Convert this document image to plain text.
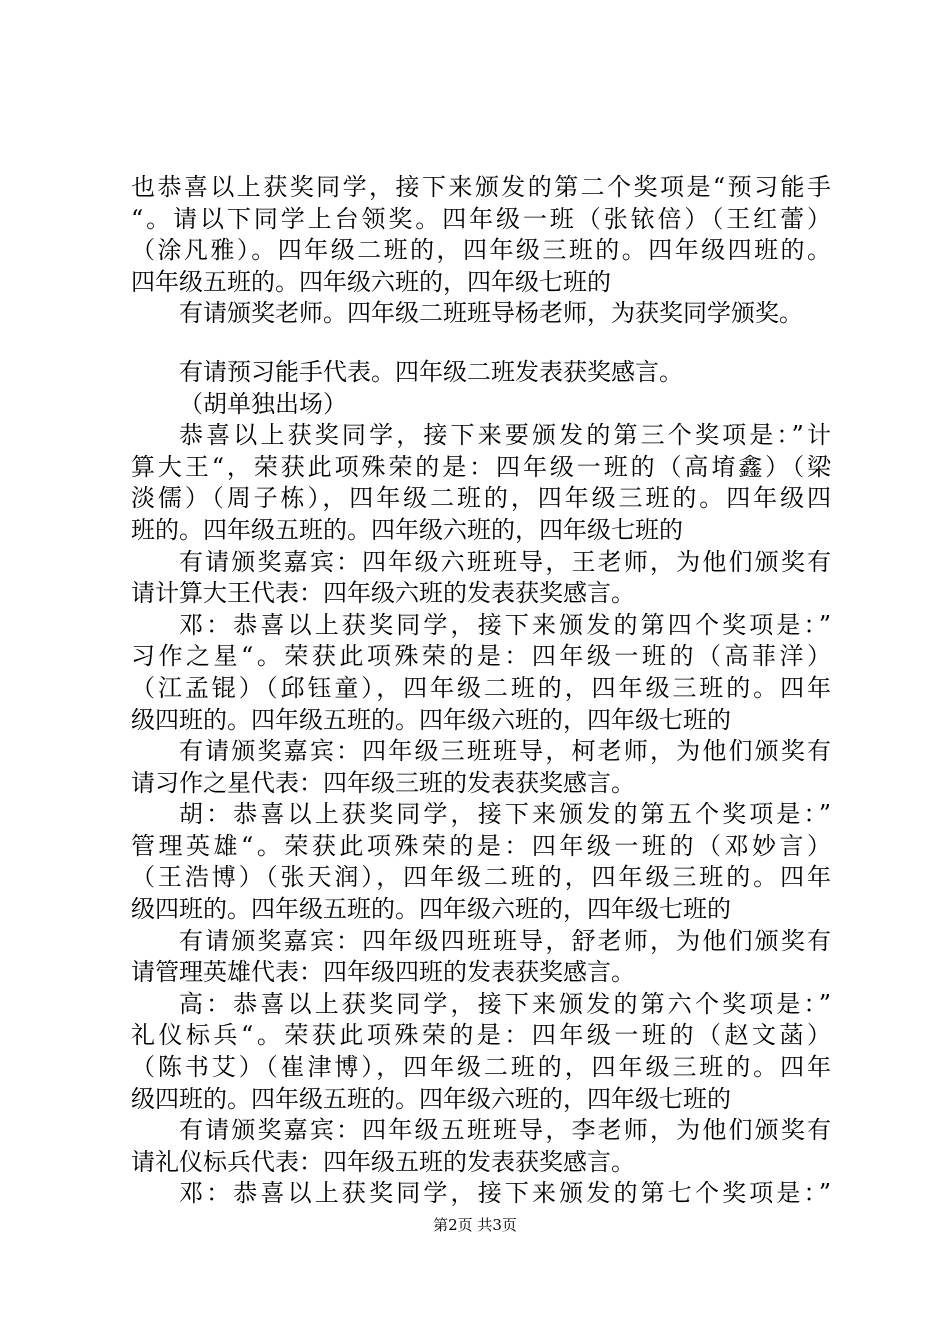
也恭喜以上获奖同学，接下来颁发的第二个奖项是“预习能手
“。请以下同学上台领奖。四年级一班（张铱倍）（王红蕾）
（涂凡雅）。四年级二班的，四年级三班的。四年级四班的。
四年级五班的。四年级六班的，四年级七班的
有请颁奖老师。四年级二班班导杨老师，为获奖同学颁奖。
有请预习能手代表。四年级二班发表获奖感言。
（胡单独出场）
恭喜以上获奖同学，接下来要颁发的第三个奖项是：”计
算大王“，荣获此项殊荣的是：四年级一班的（高堉鑫）（梁
淡儒）（周子栋），四年级二班的，四年级三班的。四年级四
班的。四年级五班的。四年级六班的，四年级七班的
有请颁奖嘉宾：四年级六班班导，王老师，为他们颁奖有
请计算大王代表：四年级六班的发表获奖感言。
邓：恭喜以上获奖同学，接下来颁发的第四个奖项是：”
习作之星“。荣获此项殊荣的是：四年级一班的（高菲洋）
（江孟锟）（邱钰童），四年级二班的，四年级三班的。四年
级四班的。四年级五班的。四年级六班的，四年级七班的
有请颁奖嘉宾：四年级三班班导，柯老师，为他们颁奖有
请习作之星代表：四年级三班的发表获奖感言。
胡：恭喜以上获奖同学，接下来颁发的第五个奖项是：”
管理英雄“。荣获此项殊荣的是：四年级一班的（邓妙言）
（王浩博）（张天润），四年级二班的，四年级三班的。四年
级四班的。四年级五班的。四年级六班的，四年级七班的
有请颁奖嘉宾：四年级四班班导，舒老师，为他们颁奖有
请管理英雄代表：四年级四班的发表获奖感言。
高：恭喜以上获奖同学，接下来颁发的第六个奖项是：”
礼仪标兵“。荣获此项殊荣的是：四年级一班的（赵文菡）
（陈书艾）（崔津博），四年级二班的，四年级三班的。四年
级四班的。四年级五班的。四年级六班的，四年级七班的
有请颁奖嘉宾：四年级五班班导，李老师，为他们颁奖有
请礼仪标兵代表：四年级五班的发表获奖感言。
邓：恭喜以上获奖同学，接下来颁发的第七个奖项是：”
第2页 共3页
